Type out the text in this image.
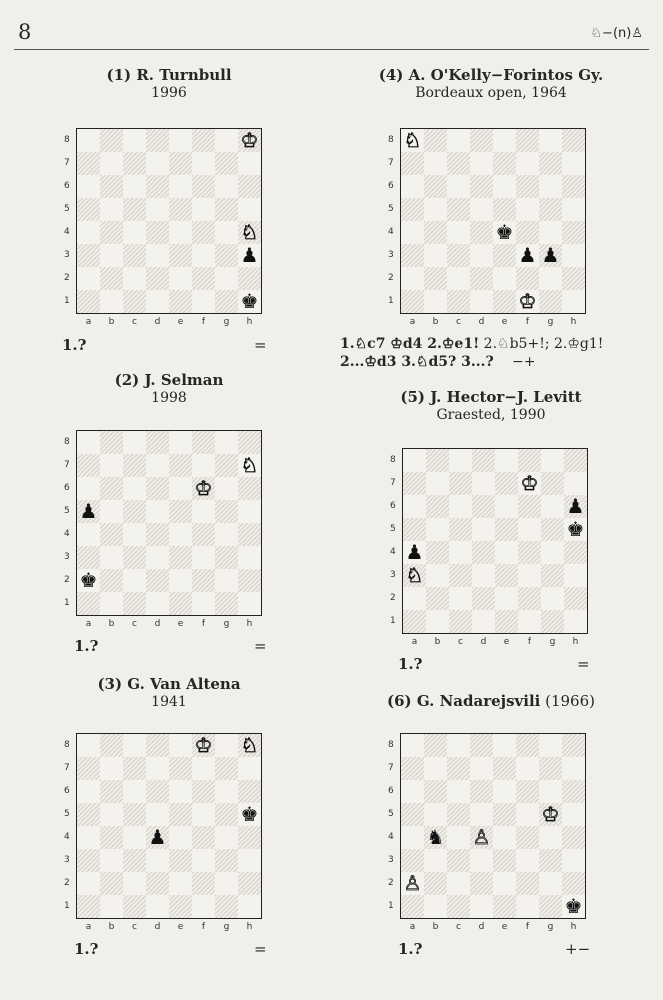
8	♘−(n)♙
(1) R. Turnbull
1996
8
7
6
5
4
3
2
1
♔
♘
♟
♚
a	b	c	d	e	f	g	h
1.?	=
(2) J. Selman
1998
8
7
6
5
4
3
2
1
♘
♔
♟
♚
a	b	c	d	e	f	g	h
1.?	=
(3) G. Van Altena
1941
8
7
6
5
4
3
2
1
♔ ♘
♚
♟
a	b	c	d	e	f	g	h
1.?	=
(4) A. O'Kelly−Forintos Gy.
Bordeaux open, 1964
8
7
6
5
4
3
2
1
♘
♚
♟ ♟
♔
a	b	c	d	e	f	g	h
1.♘c7 ♔d4 2.♔e1! 2.♘b5+!; 2.♔g1!
2...♔d3 3.♘d5? 3...?	−+
(5) J. Hector−J. Levitt
Graested, 1990
8
7
6
5
4
3
2
1
♔
♟
♚
♟
♘
a	b	c	d	e	f	g	h
1.?	=
(6) G. Nadarejsvili (1966)
8
7
6
5
4
3
2
1
♔
♞ ♙
♙
♚
a	b	c	d	e	f	g	h
1.?	+−
